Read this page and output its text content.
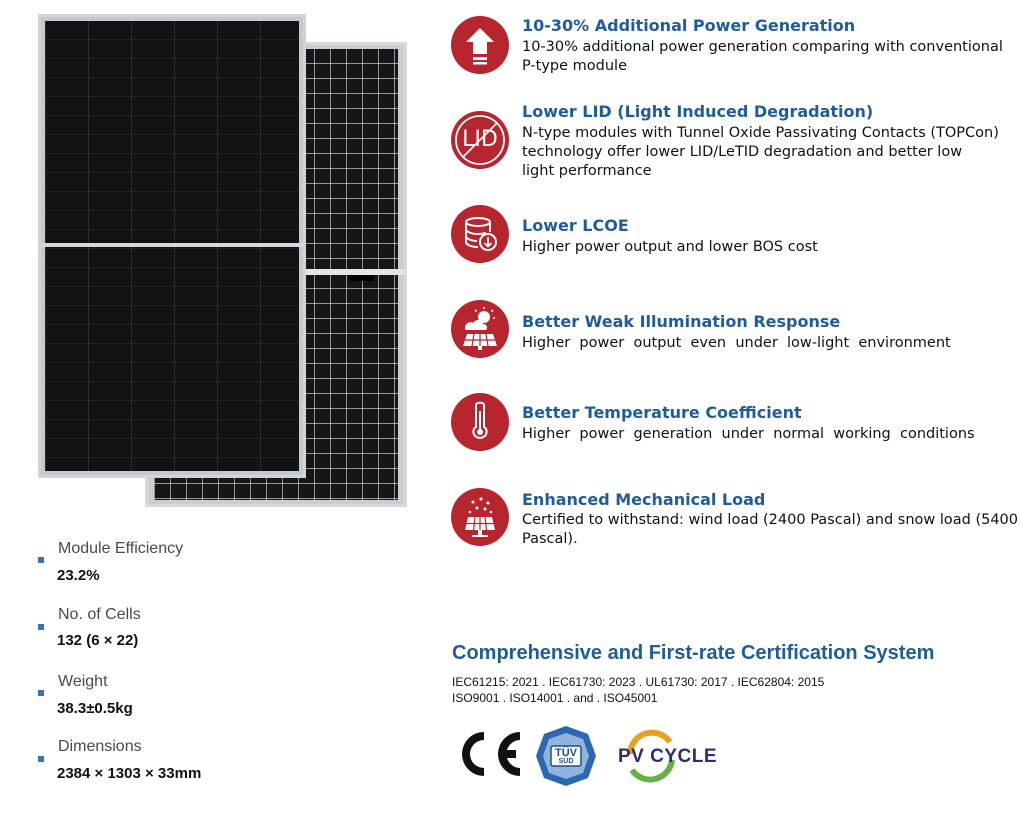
Module Efficiency
23.2%
No. of Cells
132 (6 × 22)
Weight
38.3±0.5kg
Dimensions
2384 × 1303 × 33mm
10-30% Additional Power Generation
10-30% additional power generation comparing with conventional
P-type module
LID
Lower LID (Light Induced Degradation)
N-type modules with Tunnel Oxide Passivating Contacts (TOPCon)
technology offer lower LID/LeTID degradation and better low
light performance
Lower LCOE
Higher power output and lower BOS cost
Better Weak Illumination Response
Higher  power  output  even  under  low-light  environment
Better Temperature Coefficient
Higher  power  generation  under  normal  working  conditions
Enhanced Mechanical Load
Certified to withstand: wind load (2400 Pascal) and snow load (5400
Pascal).
Comprehensive and First-rate Certification System
IEC61215: 2021 . IEC61730: 2023 . UL61730: 2017 . IEC62804: 2015
ISO9001 . ISO14001 . and . ISO45001
TÜV
SÜD	PV CYCLE
